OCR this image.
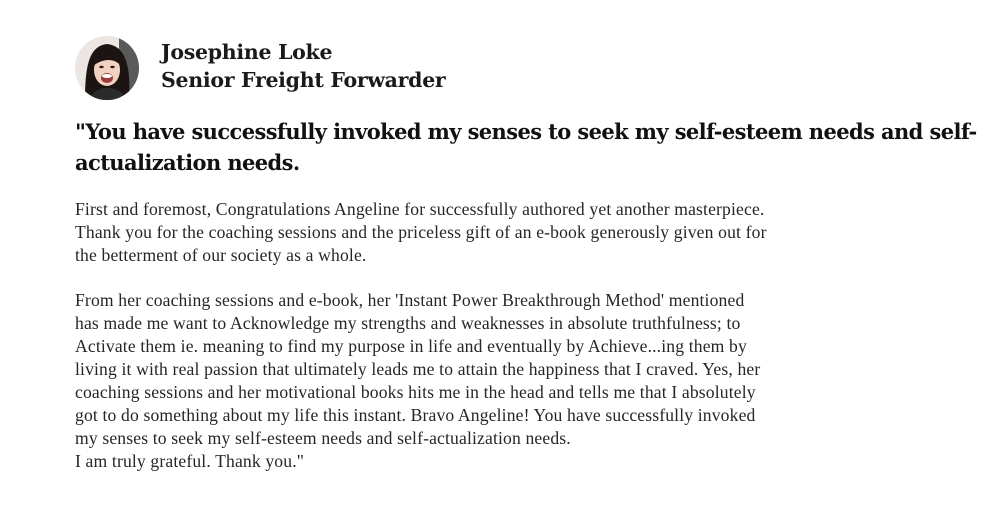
Josephine Loke
Senior Freight Forwarder
"You have successfully invoked my senses to seek my self-esteem needs and self-
actualization needs.
First and foremost, Congratulations Angeline for successfully authored yet another masterpiece.
Thank you for the coaching sessions and the priceless gift of an e-book generously given out for
the betterment of our society as a whole.
From her coaching sessions and e-book, her 'Instant Power Breakthrough Method' mentioned
has made me want to Acknowledge my strengths and weaknesses in absolute truthfulness; to
Activate them ie. meaning to find my purpose in life and eventually by Achieve...ing them by
living it with real passion that ultimately leads me to attain the happiness that I craved. Yes, her
coaching sessions and her motivational books hits me in the head and tells me that I absolutely
got to do something about my life this instant. Bravo Angeline! You have successfully invoked
my senses to seek my self-esteem needs and self-actualization needs.
I am truly grateful. Thank you."
